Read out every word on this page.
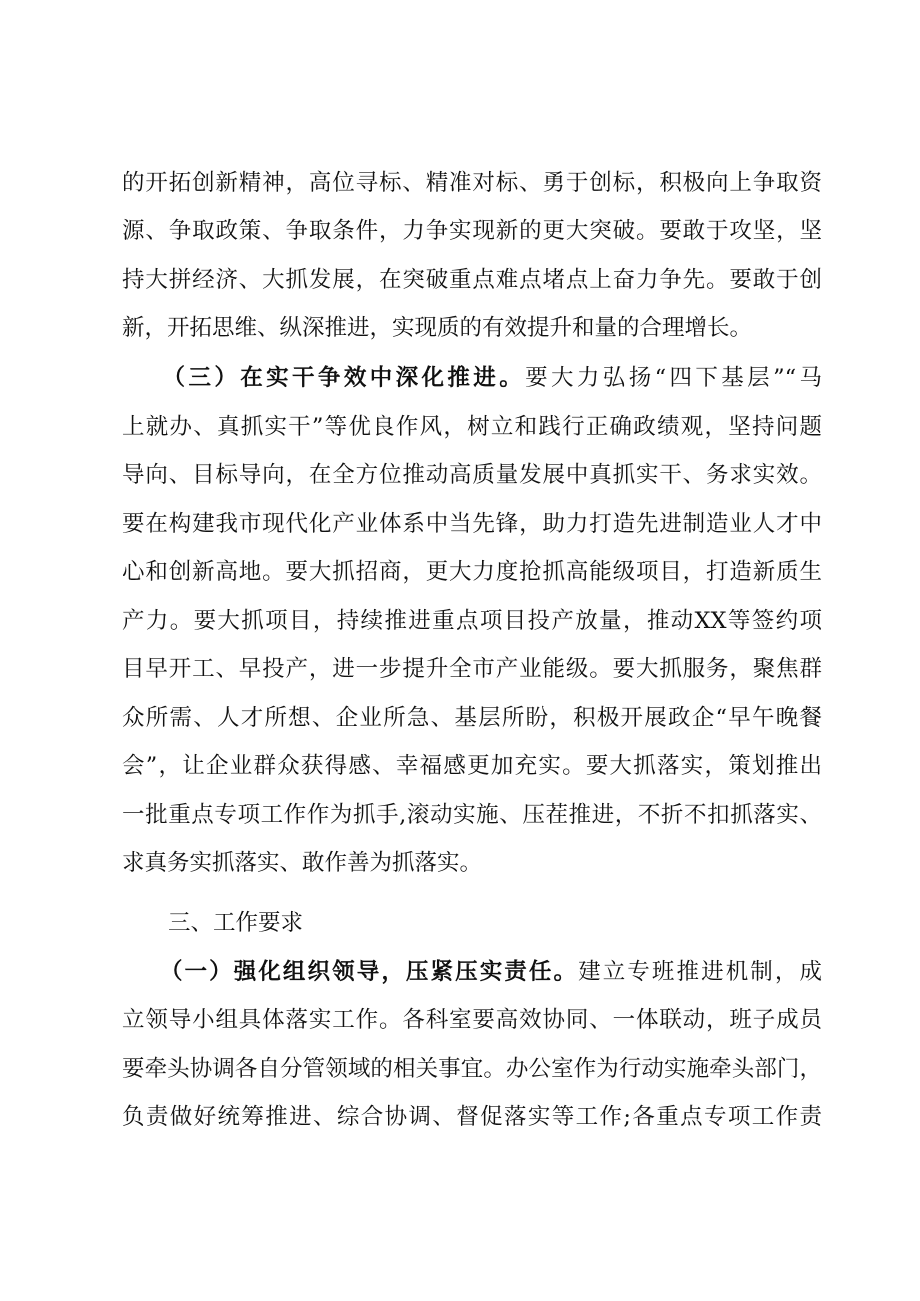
的开拓创新精神，高位寻标、精准对标、勇于创标，积极向上争取资
源、争取政策、争取条件，力争实现新的更大突破。要敢于攻坚，坚
持大拼经济、大抓发展，在突破重点难点堵点上奋力争先。要敢于创
新，开拓思维、纵深推进，实现质的有效提升和量的合理增长。
　　（三）在实干争效中深化推进。要大力弘扬“四下基层”“马
上就办、真抓实干”等优良作风，树立和践行正确政绩观，坚持问题
导向、目标导向，在全方位推动高质量发展中真抓实干、务求实效。
要在构建我市现代化产业体系中当先锋，助力打造先进制造业人才中
心和创新高地。要大抓招商，更大力度抢抓高能级项目，打造新质生
产力。要大抓项目，持续推进重点项目投产放量，推动XX等签约项
目早开工、早投产，进一步提升全市产业能级。要大抓服务，聚焦群
众所需、人才所想、企业所急、基层所盼，积极开展政企“早午晚餐
会”，让企业群众获得感、幸福感更加充实。要大抓落实，策划推出
一批重点专项工作作为抓手,滚动实施、压茬推进，不折不扣抓落实、
求真务实抓落实、敢作善为抓落实。
三、工作要求
　　（一）强化组织领导，压紧压实责任。建立专班推进机制，成
立领导小组具体落实工作。各科室要高效协同、一体联动，班子成员
要牵头协调各自分管领域的相关事宜。办公室作为行动实施牵头部门，
负责做好统筹推进、综合协调、督促落实等工作;各重点专项工作责
